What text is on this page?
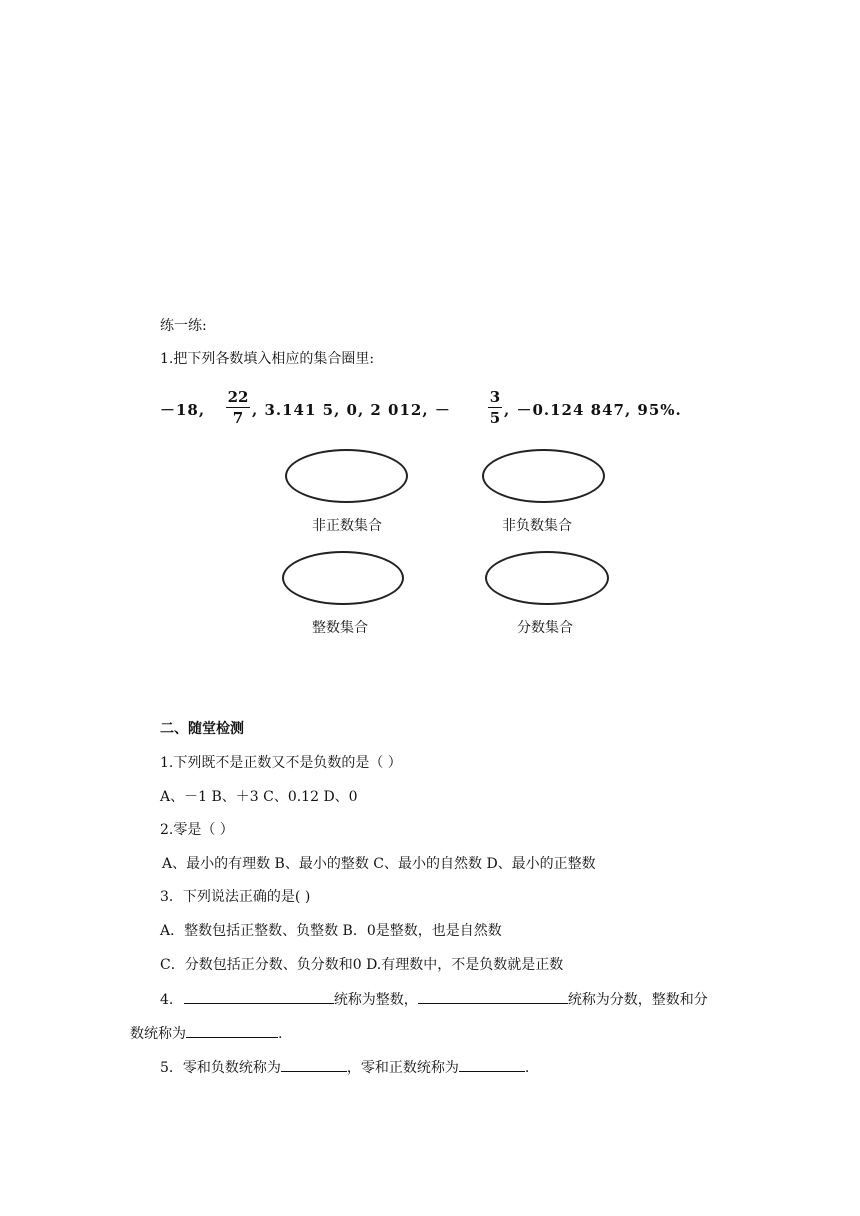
练一练:
1.把下列各数填入相应的集合圈里:
－18,
22
7 , 3.141 5, 0, 2 012, －
3
5 , －0.124 847, 95%.
非正数集合	非负数集合
整数集合	分数集合
二、随堂检测
1.下列既不是正数又不是负数的是（ ）
A、－1 B、＋3 C、0.12 D、0
2.零是（ ）
A、最小的有理数 B、最小的整数 C、最小的自然数 D、最小的正整数
3．下列说法正确的是( )
A．整数包括正整数、负整数 B．0是整数，也是自然数
C．分数包括正分数、负分数和0 D.有理数中，不是负数就是正数
4.	统称为整数，	统称为分数，整数和分
数统称为	.
5．零和负数统称为	，零和正数统称为	.
